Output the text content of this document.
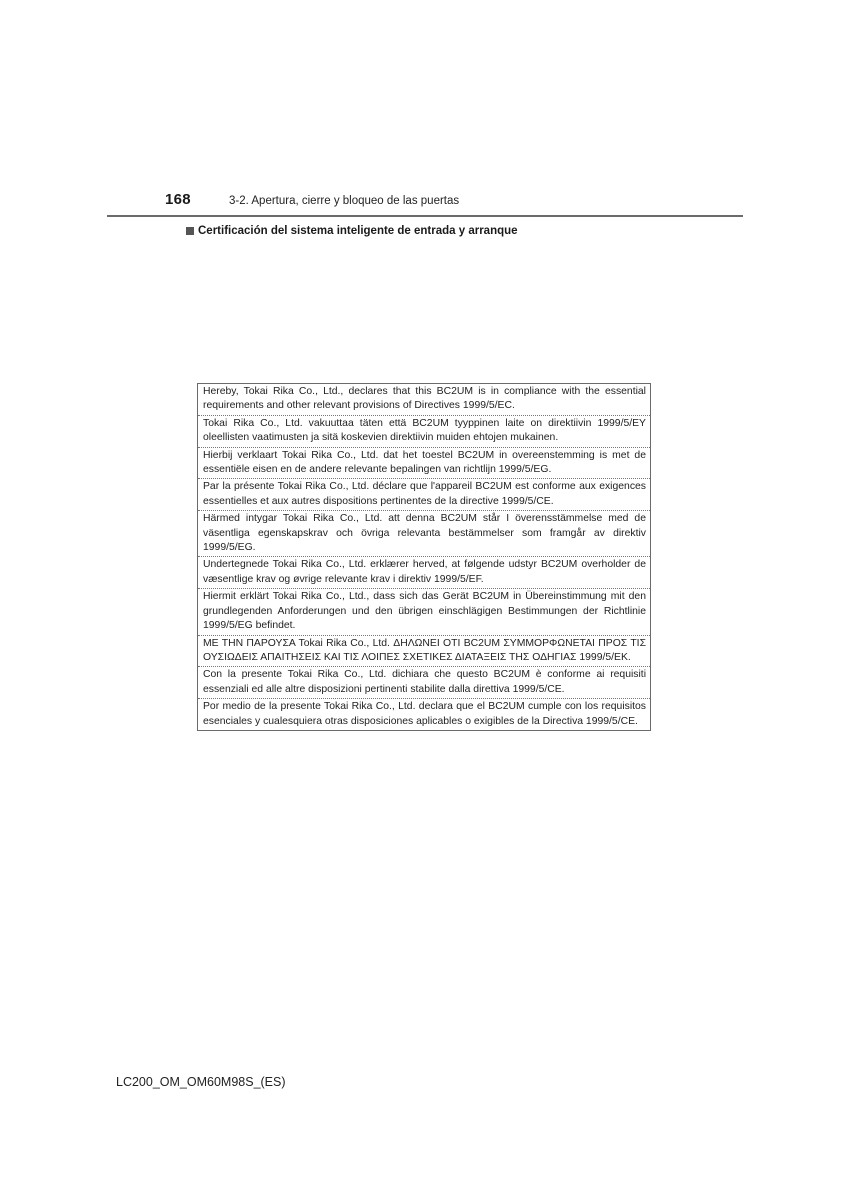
168	3-2. Apertura, cierre y bloqueo de las puertas
Certificación del sistema inteligente de entrada y arranque
Hereby, Tokai Rika Co., Ltd., declares that this BC2UM is in compliance with the essential requirements and other relevant provisions of Directives 1999/5/EC.
Tokai Rika Co., Ltd. vakuuttaa täten että BC2UM tyyppinen laite on direktiivin 1999/5/EY oleellisten vaatimusten ja sitä koskevien direktiivin muiden ehtojen mukainen.
Hierbij verklaart Tokai Rika Co., Ltd. dat het toestel BC2UM in overeenstemming is met de essentiële eisen en de andere relevante bepalingen van richtlijn 1999/5/EG.
Par la présente Tokai Rika Co., Ltd. déclare que l'appareil BC2UM est conforme aux exigences essentielles et aux autres dispositions pertinentes de la directive 1999/5/CE.
Härmed intygar Tokai Rika Co., Ltd. att denna BC2UM står I överensstämmelse med de väsentliga egenskapskrav och övriga relevanta bestämmelser som framgår av direktiv 1999/5/EG.
Undertegnede Tokai Rika Co., Ltd. erklærer herved, at følgende udstyr BC2UM overholder de væsentlige krav og øvrige relevante krav i direktiv 1999/5/EF.
Hiermit erklärt Tokai Rika Co., Ltd., dass sich das Gerät BC2UM in Übereinstimmung mit den grundlegenden Anforderungen und den übrigen einschlägigen Bestimmungen der Richtlinie 1999/5/EG befindet.
ΜΕ ΤΗΝ ΠΑΡΟΥΣΑ Tokai Rika Co., Ltd. ΔΗΛΩΝΕΙ ΟΤΙ BC2UM ΣΥΜΜΟΡΦΩΝΕΤΑΙ ΠΡΟΣ ΤΙΣ ΟΥΣΙΩΔΕΙΣ ΑΠΑΙΤΗΣΕΙΣ ΚΑΙ ΤΙΣ ΛΟΙΠΕΣ ΣΧΕΤΙΚΕΣ ΔΙΑΤΑΞΕΙΣ ΤΗΣ ΟΔΗΓΙΑΣ 1999/5/ΕΚ.
Con la presente Tokai Rika Co., Ltd. dichiara che questo BC2UM è conforme ai requisiti essenziali ed alle altre disposizioni pertinenti stabilite dalla direttiva 1999/5/CE.
Por medio de la presente Tokai Rika Co., Ltd. declara que el BC2UM cumple con los requisitos esenciales y cualesquiera otras disposiciones aplicables o exigibles de la Directiva 1999/5/CE.
LC200_OM_OM60M98S_(ES)
